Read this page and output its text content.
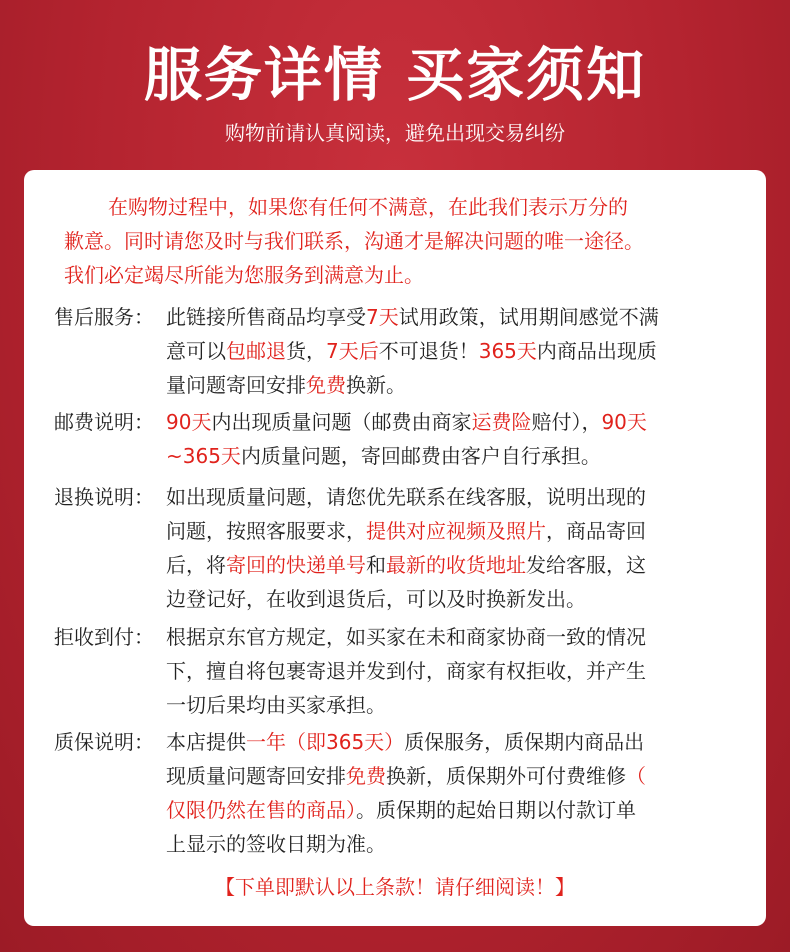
服务详情 买家须知
购物前请认真阅读，避免出现交易纠纷
在购物过程中，如果您有任何不满意，在此我们表示万分的
歉意。同时请您及时与我们联系，沟通才是解决问题的唯一途径。
我们必定竭尽所能为您服务到满意为止。
售后服务： 此链接所售商品均享受7天试用政策，试用期间感觉不满
意可以包邮退货，7天后不可退货！365天内商品出现质
量问题寄回安排免费换新。
邮费说明： 90天内出现质量问题（邮费由商家运费险赔付），90天
~365天内质量问题，寄回邮费由客户自行承担。
退换说明： 如出现质量问题，请您优先联系在线客服，说明出现的
问题，按照客服要求，提供对应视频及照片，商品寄回
后，将寄回的快递单号和最新的收货地址发给客服，这
边登记好，在收到退货后，可以及时换新发出。
拒收到付： 根据京东官方规定，如买家在未和商家协商一致的情况
下，擅自将包裹寄退并发到付，商家有权拒收，并产生
一切后果均由买家承担。
质保说明： 本店提供一年（即365天）质保服务，质保期内商品出
现质量问题寄回安排免费换新，质保期外可付费维修（
仅限仍然在售的商品）。质保期的起始日期以付款订单
上显示的签收日期为准。
【下单即默认以上条款！请仔细阅读！】
